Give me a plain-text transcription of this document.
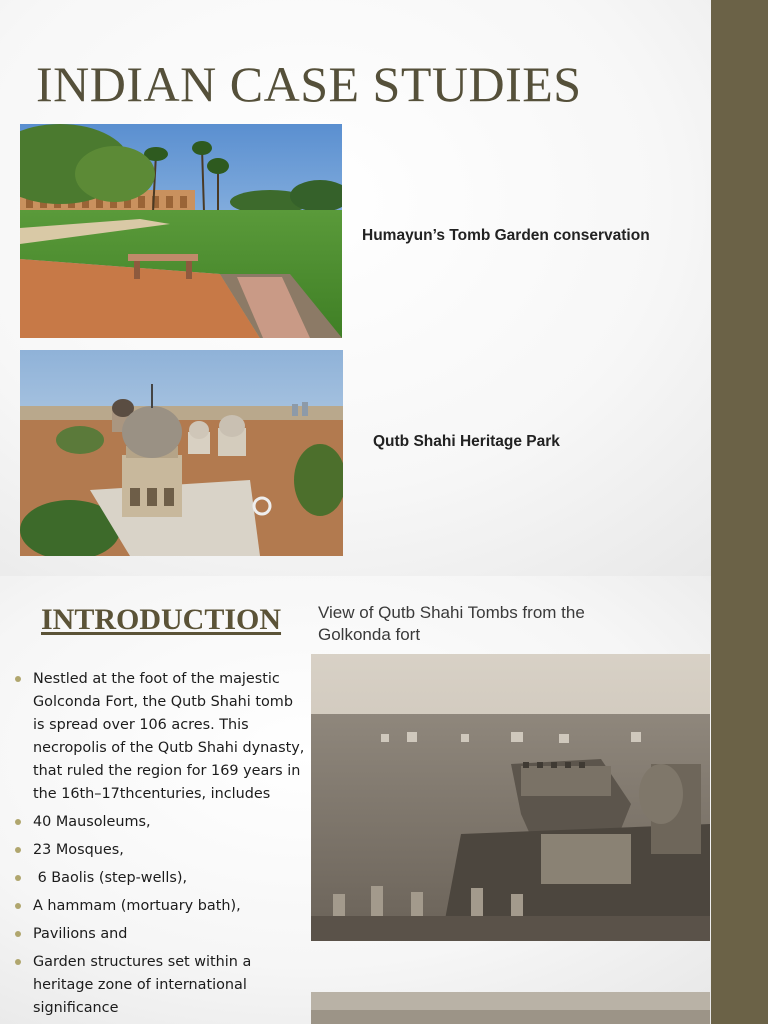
INDIAN CASE STUDIES

Humayun’s Tomb Garden conservation

Qutb Shahi Heritage Park

INTRODUCTION View of Qutb Shahi Tombs from the Golkonda fort

Nestled at the foot of the majestic Golconda Fort, the Qutb Shahi tomb is spread over 106 acres. This necropolis of the Qutb Shahi dynasty, that ruled the region for 169 years in the 16th–17thcenturies, includes
40 Mausoleums,
23 Mosques,
6 Baolis (step-wells),
A hammam (mortuary bath),
Pavilions and
Garden structures set within a heritage zone of international significance
